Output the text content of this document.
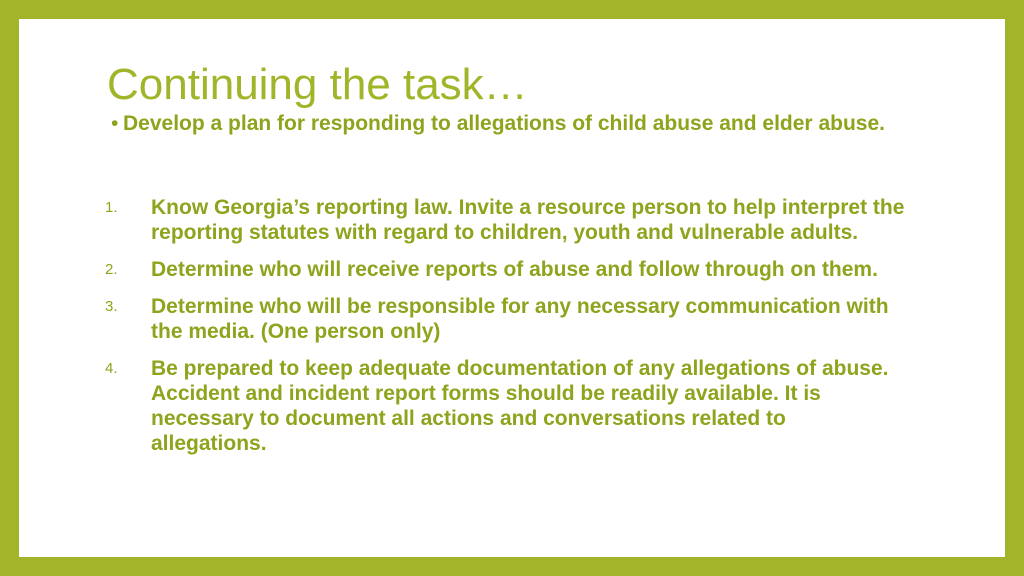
Continuing the task…

• Develop a plan for responding to allegations of child abuse and elder abuse.

1.	Know Georgia’s reporting law. Invite a resource person to help interpret the reporting statutes with regard to children, youth and vulnerable adults.
2.	Determine who will receive reports of abuse and follow through on them.
3.	Determine who will be responsible for any necessary communication with the media. (One person only)
4.	Be prepared to keep adequate documentation of any allegations of abuse. Accident and incident report forms should be readily available. It is necessary to document all actions and conversations related to allegations.
